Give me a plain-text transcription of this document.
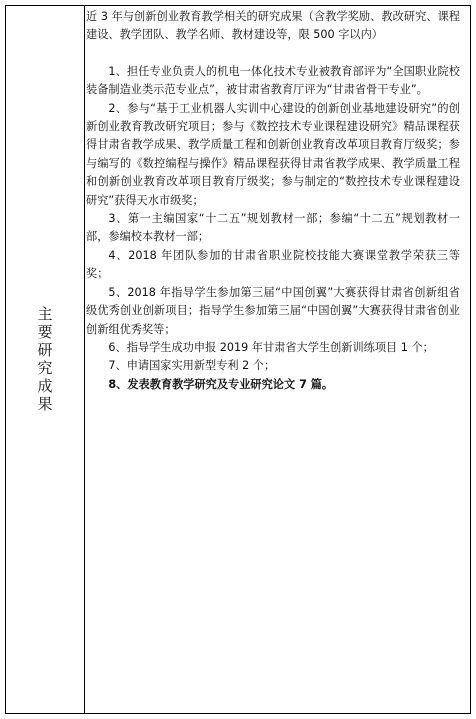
主要研究成果

近 3 年与创新创业教育教学相关的研究成果（含教学奖励、教改研究、课程建设、教学团队、教学名师、教材建设等，限 500 字以内）

1、担任专业负责人的机电一体化技术专业被教育部评为“全国职业院校装备制造业类示范专业点”，被甘肃省教育厅评为“甘肃省骨干专业”。

2、参与“基于工业机器人实训中心建设的创新创业基地建设研究”的创新创业教育教改研究项目；参与《数控技术专业课程建设研究》精品课程获得甘肃省教学成果、教学质量工程和创新创业教育改革项目教育厅级奖；参与编写的《数控编程与操作》精品课程获得甘肃省教学成果、教学质量工程和创新创业教育改革项目教育厅级奖；参与制定的“数控技术专业课程建设研究”获得天水市级奖；

3、第一主编国家“十二五”规划教材一部；参编“十二五”规划教材一部，参编校本教材一部；

4、2018 年团队参加的甘肃省职业院校技能大赛课堂教学荣获三等奖；

5、2018 年指导学生参加第三届“中国创翼”大赛获得甘肃省创新组省级优秀创业创新项目；指导学生参加第三届“中国创翼”大赛获得甘肃省创业创新组优秀奖等；

6、指导学生成功申报 2019 年甘肃省大学生创新训练项目 1 个；

7、申请国家实用新型专利 2 个；

8、发表教育教学研究及专业研究论文 7 篇。
